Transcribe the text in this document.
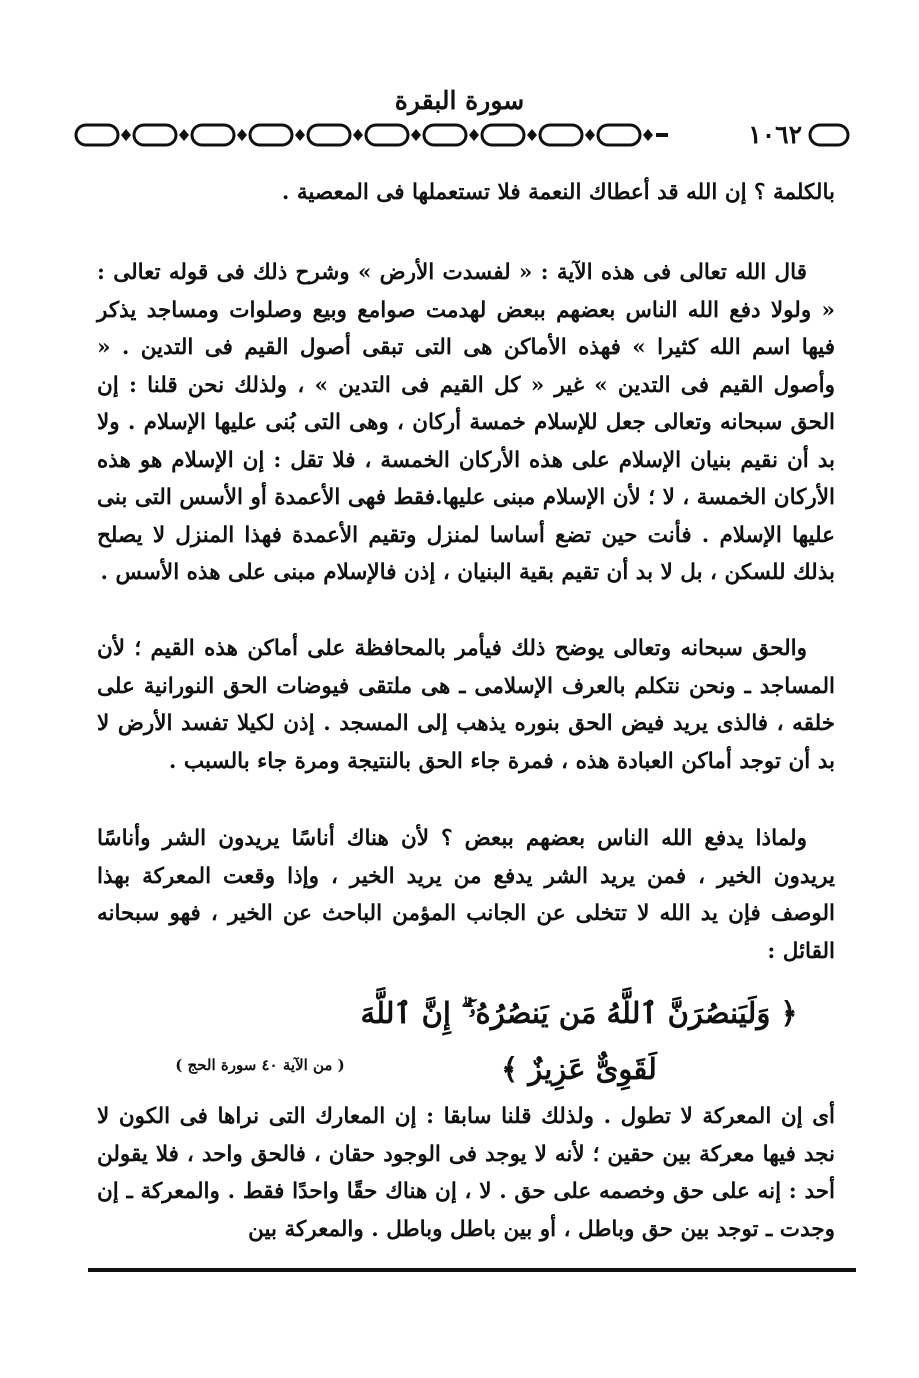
سورة البقرة
١٠٦٢
بالكلمة ؟ إن الله قد أعطاك النعمة فلا تستعملها فى المعصية .
قال الله تعالى فى هذه الآية : « لفسدت الأرض » وشرح ذلك فى قوله تعالى : « ولولا دفع الله الناس بعضهم ببعض لهدمت صوامع وبيع وصلوات ومساجد يذكر فيها اسم الله كثيرا » فهذه الأماكن هى التى تبقى أصول القيم فى التدين . « وأصول القيم فى التدين » غير « كل القيم فى التدين » ، ولذلك نحن قلنا : إن الحق سبحانه وتعالى جعل للإسلام خمسة أركان ، وهى التى بُنى عليها الإسلام . ولا بد أن نقيم بنيان الإسلام على هذه الأركان الخمسة ، فلا تقل : إن الإسلام هو هذه الأركان الخمسة ، لا ؛ لأن الإسلام مبنى عليها.فقط فهى الأعمدة أو الأسس التى بنى عليها الإسلام . فأنت حين تضع أساسا لمنزل وتقيم الأعمدة فهذا المنزل لا يصلح بذلك للسكن ، بل لا بد أن تقيم بقية البنيان ، إذن فالإسلام مبنى على هذه الأسس .
والحق سبحانه وتعالى يوضح ذلك فيأمر بالمحافظة على أماكن هذه القيم ؛ لأن المساجد ـ ونحن نتكلم بالعرف الإسلامى ـ هى ملتقى فيوضات الحق النورانية على خلقه ، فالذى يريد فيض الحق بنوره يذهب إلى المسجد . إذن لكيلا تفسد الأرض لا بد أن توجد أماكن العبادة هذه ، فمرة جاء الحق بالنتيجة ومرة جاء بالسبب .
ولماذا يدفع الله الناس بعضهم ببعض ؟ لأن هناك أناسًا يريدون الشر وأناسًا يريدون الخير ، فمن يريد الشر يدفع من يريد الخير ، وإذا وقعت المعركة بهذا الوصف فإن يد الله لا تتخلى عن الجانب المؤمن الباحث عن الخير ، فهو سبحانه القائل :
﴿ وَلَيَنصُرَنَّ ٱللَّهُ مَن يَنصُرُهُۥٓ ۗ إِنَّ ٱللَّهَ لَقَوِىٌّ عَزِيزٌ ﴾
( من الآية ٤٠ سورة الحج )
أى إن المعركة لا تطول . ولذلك قلنا سابقا : إن المعارك التى نراها فى الكون لا نجد فيها معركة بين حقين ؛ لأنه لا يوجد فى الوجود حقان ، فالحق واحد ، فلا يقولن أحد : إنه على حق وخصمه على حق . لا ، إن هناك حقًا واحدًا فقط . والمعركة ـ إن وجدت ـ توجد بين حق وباطل ، أو بين باطل وباطل . والمعركة بين
